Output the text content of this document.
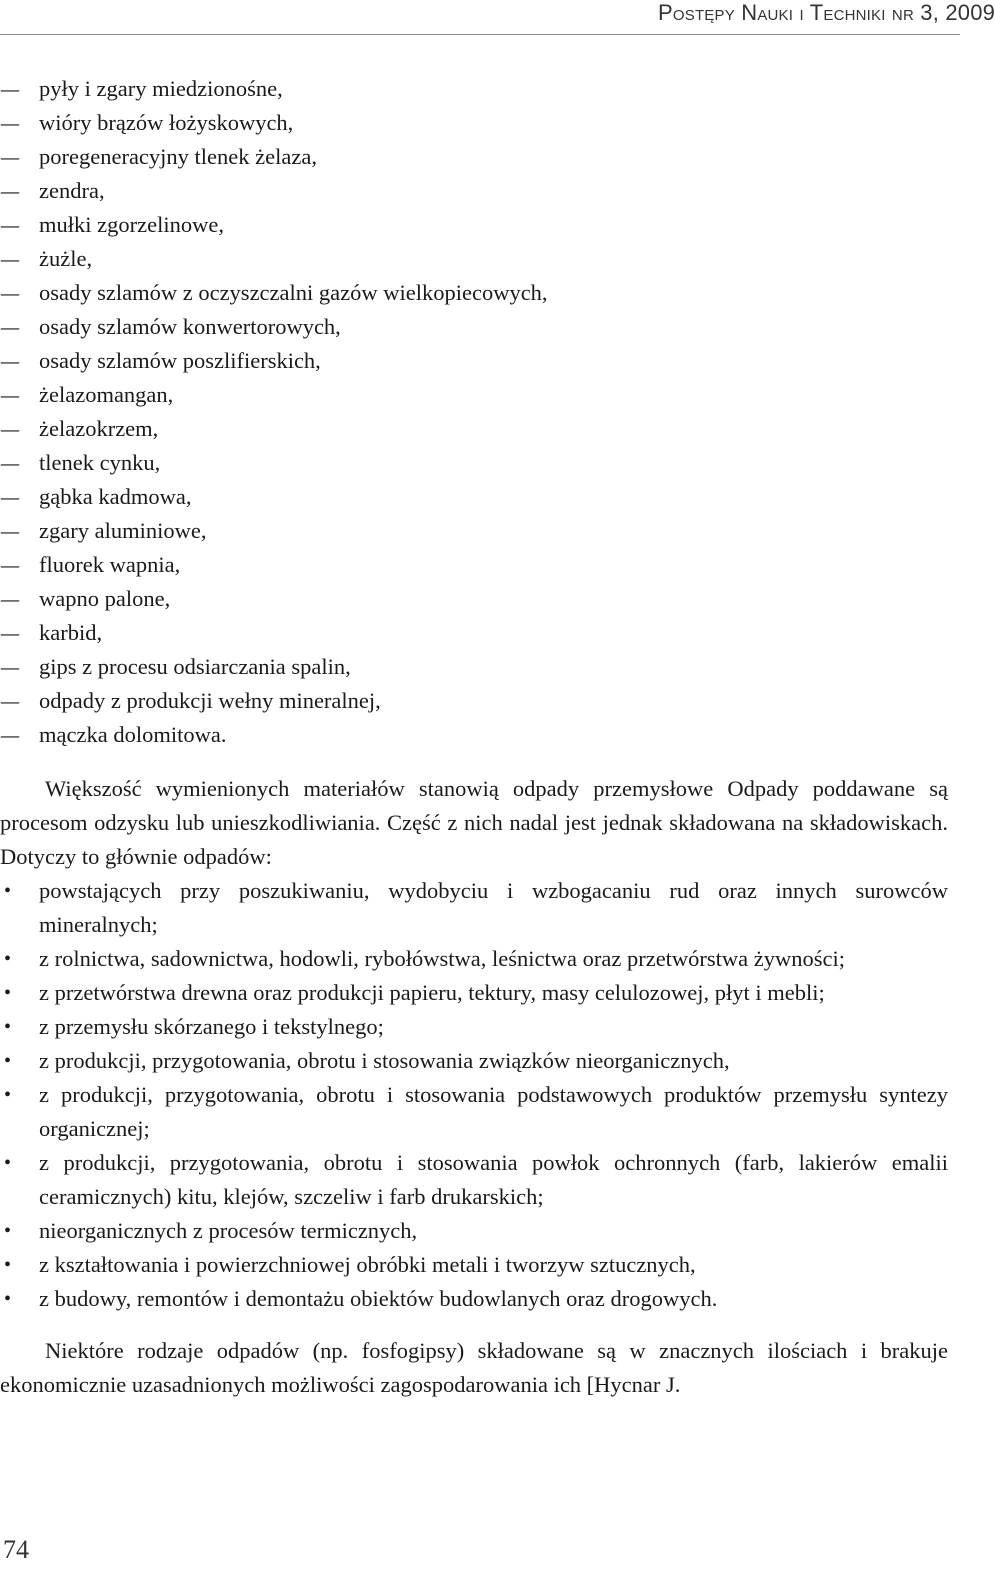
Postępy Nauki i Techniki nr 3, 2009
– pyły i zgary miedzionośne,
– wióry brązów łożyskowych,
– poregeneracyjny tlenek żelaza,
– zendra,
– mułki zgorzelinowe,
– żużle,
– osady szlamów z oczyszczalni gazów wielkopiecowych,
– osady szlamów konwertorowych,
– osady szlamów poszlifierskich,
– żelazomangan,
– żelazokrzem,
– tlenek cynku,
– gąbka kadmowa,
– zgary aluminiowe,
– fluorek wapnia,
– wapno palone,
– karbid,
– gips z procesu odsiarczania spalin,
– odpady z produkcji wełny mineralnej,
– mączka dolomitowa.

Większość wymienionych materiałów stanowią odpady przemysłowe Odpady poddawane są procesom odzysku lub unieszkodliwiania. Część z nich nadal jest jednak składowana na składowiskach. Dotyczy to głównie odpadów:

• powstających przy poszukiwaniu, wydobyciu i wzbogacaniu rud oraz innych surowców mineralnych;
• z rolnictwa, sadownictwa, hodowli, rybołówstwa, leśnictwa oraz przetwórstwa żywności;
• z przetwórstwa drewna oraz produkcji papieru, tektury, masy celulozowej, płyt i mebli;
• z przemysłu skórzanego i tekstylnego;
• z produkcji, przygotowania, obrotu i stosowania związków nieorganicznych,
• z produkcji, przygotowania, obrotu i stosowania podstawowych produktów przemysłu syntezy organicznej;
• z produkcji, przygotowania, obrotu i stosowania powłok ochronnych (farb, lakierów emalii ceramicznych) kitu, klejów, szczeliw i farb drukarskich;
• nieorganicznych z procesów termicznych,
• z kształtowania i powierzchniowej obróbki metali i tworzyw sztucznych,
• z budowy, remontów i demontażu obiektów budowlanych oraz drogowych.

Niektóre rodzaje odpadów (np. fosfogipsy) składowane są w znacznych ilościach i brakuje ekonomicznie uzasadnionych możliwości zagospodarowania ich [Hycnar J.

74
